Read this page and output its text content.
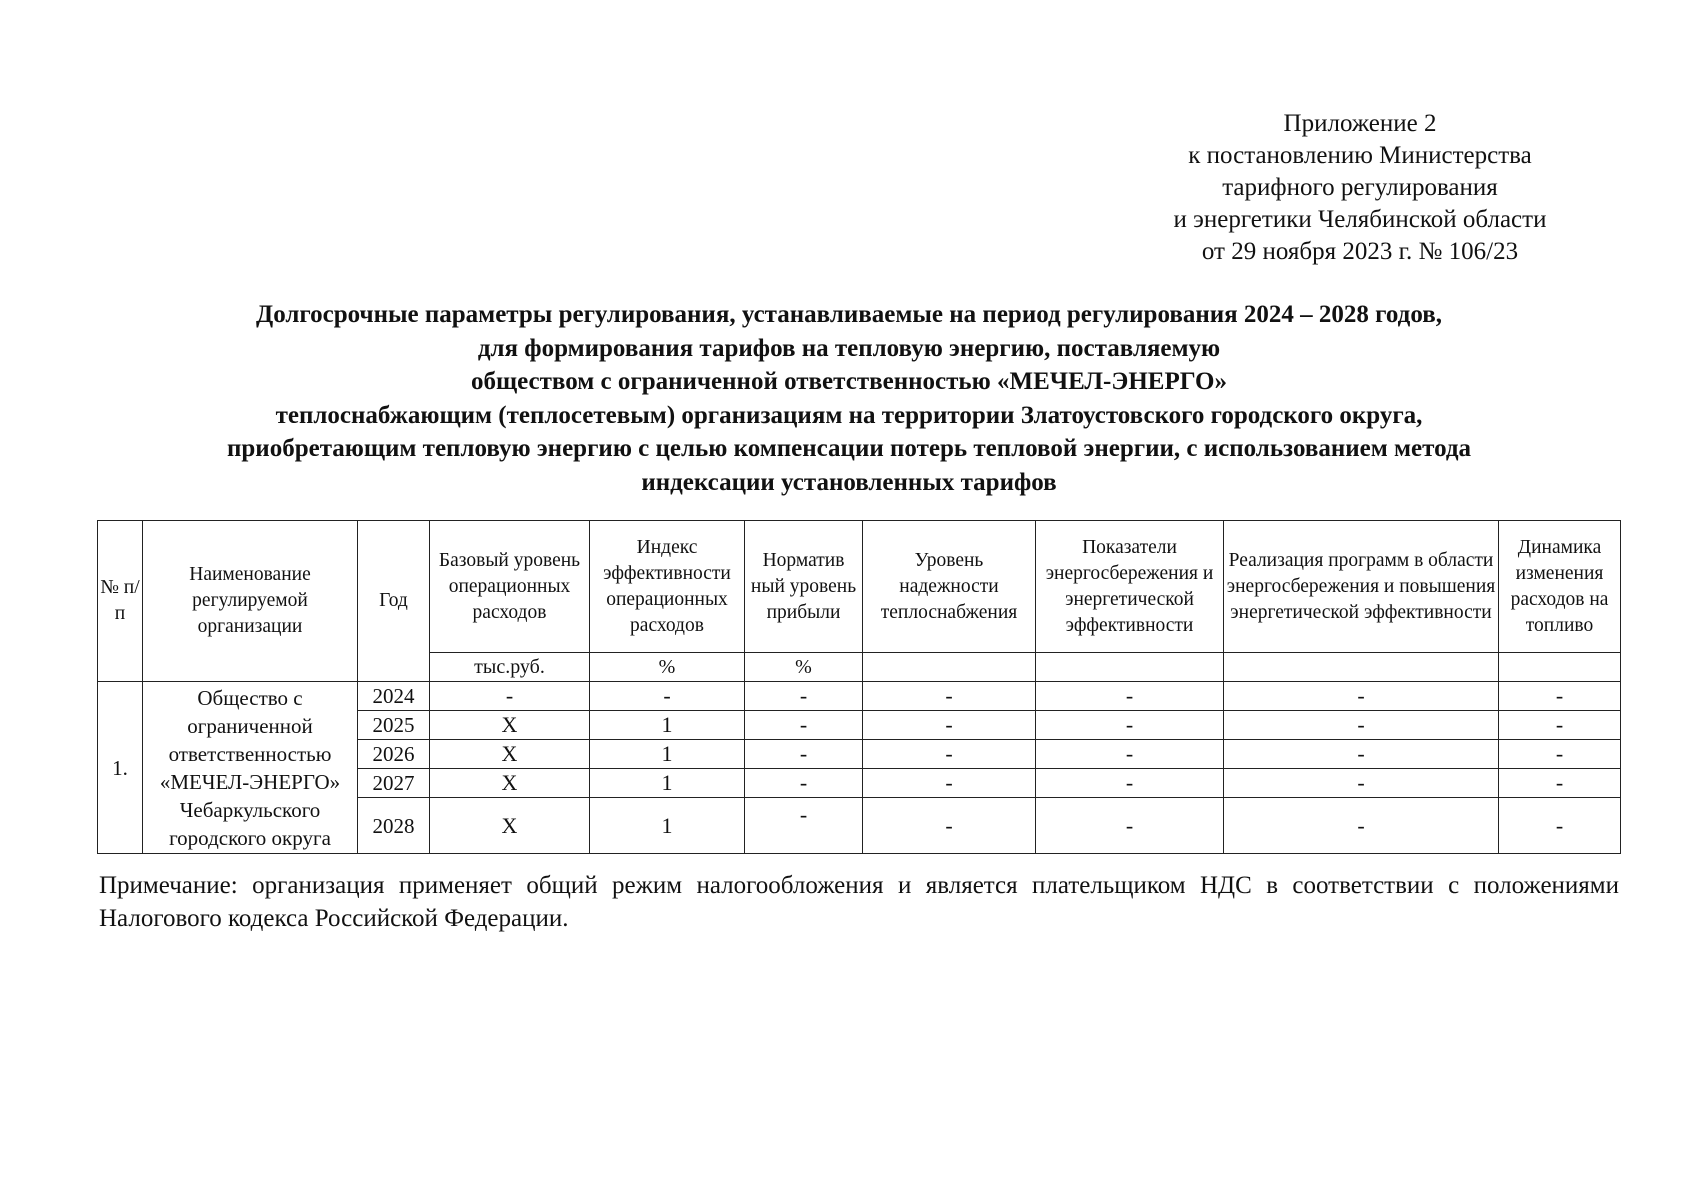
Приложение 2
к постановлению Министерства
тарифного регулирования
и энергетики Челябинской области
от 29 ноября 2023 г. № 106/23
Долгосрочные параметры регулирования, устанавливаемые на период регулирования 2024 – 2028 годов,
для формирования тарифов на тепловую энергию, поставляемую
обществом с ограниченной ответственностью «МЕЧЕЛ-ЭНЕРГО»
теплоснабжающим (теплосетевым) организациям на территории Златоустовского городского округа,
приобретающим тепловую энергию с целью компенсации потерь тепловой энергии, с использованием метода
индексации установленных тарифов
№ п/п	Наименование регулируемой организации	Год	Базовый уровень операционных расходов	Индекс эффективности операционных расходов	Норматив ный уровень прибыли	Уровень надежности теплоснабжения	Показатели энергосбережения и энергетической эффективности	Реализация программ в области энергосбережения и повышения энергетической эффективности	Динамика изменения расходов на топливо
			тыс.руб.	%	%				
1.	Общество с ограниченной ответственностью «МЕЧЕЛ-ЭНЕРГО» Чебаркульского городского округа	2024	-	-	-	-	-	-	-
		2025	X	1	-	-	-	-	-
		2026	X	1	-	-	-	-	-
		2027	X	1	-	-	-	-	-
		2028	X	1	-	-	-	-	-
Примечание: организация применяет общий режим налогообложения и является плательщиком НДС в соответствии с положениями Налогового кодекса Российской Федерации.
